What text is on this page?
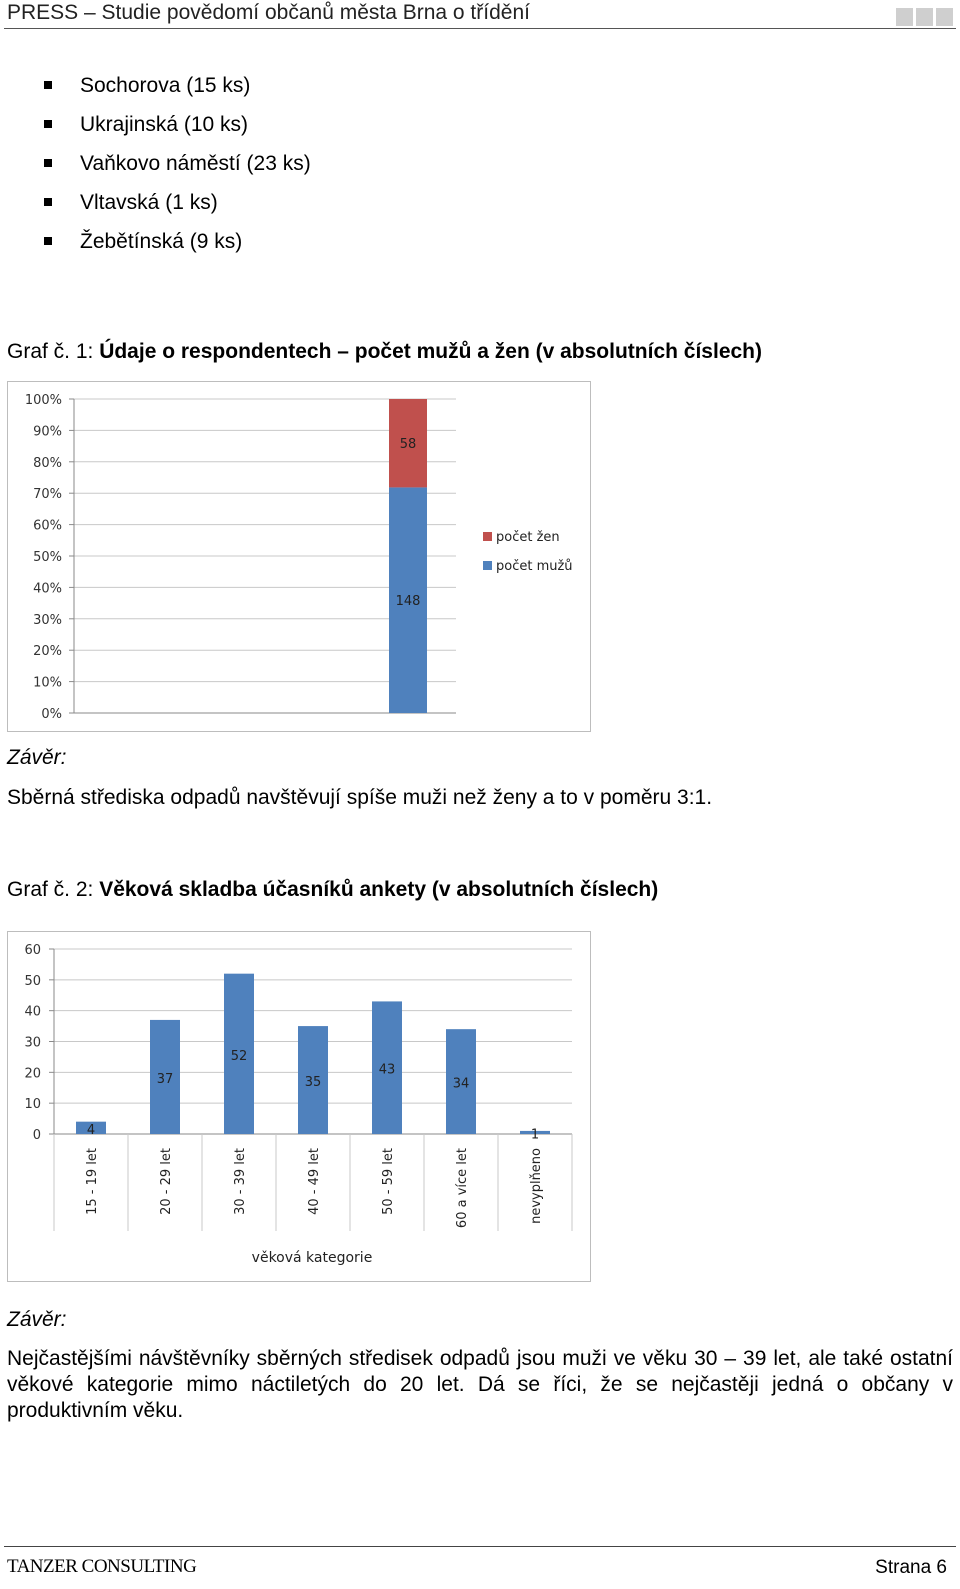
PRESS – Studie povědomí občanů města Brna o třídění
Sochorova (15 ks)
Ukrajinská (10 ks)
Vaňkovo náměstí (23 ks)
Vltavská (1 ks)
Žebětínská (9 ks)
Graf č. 1: Údaje o respondentech – počet mužů a žen (v absolutních číslech)
0%
10%
20%
30%
40%
50%
60%
70%
80%
90%
100%
148
58
počet žen
počet mužů
Závěr:
Sběrná střediska odpadů navštěvují spíše muži než ženy a to v poměru 3:1.
Graf č. 2: Věková skladba účasníků ankety (v absolutních číslech)
0
10
20
30
40
50
60
4
37
52
35
43
34
1
15 - 19 let	20 - 29 let	30 - 39 let	40 - 49 let	50 - 59 let	60 a více let	nevyplňeno
věková kategorie
Závěr:
Nejčastějšími návštěvníky sběrných středisek odpadů jsou muži ve věku 30 – 39 let, ale také ostatní věkové kategorie mimo náctiletých do 20 let. Dá se říci, že se nejčastěji jedná o občany v produktivním věku.
TANZER CONSULTING	Strana 6
